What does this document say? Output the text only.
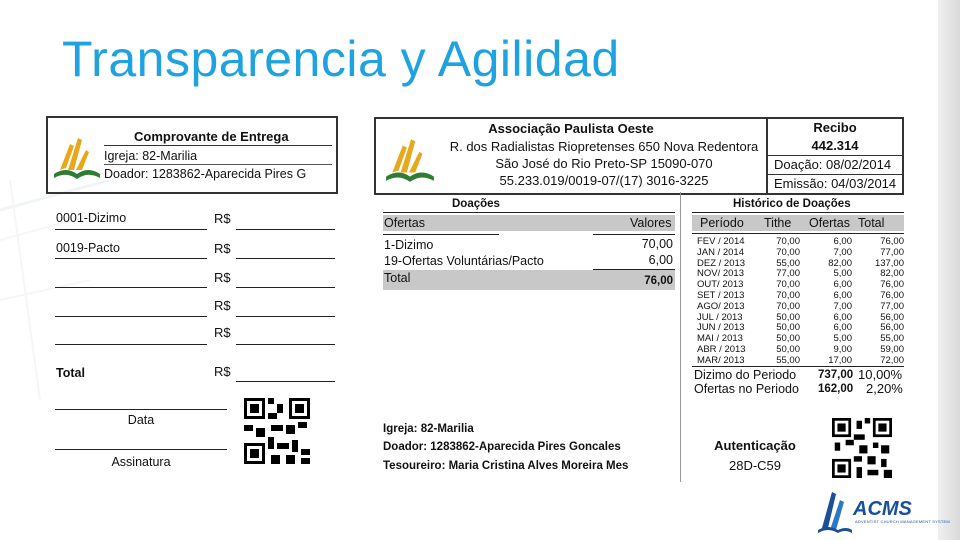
Transparencia y Agilidad
Comprovante de Entrega
Igreja: 82-Marilia
Doador: 1283862-Aparecida Pires G
0001-Dizimo	R$
0019-Pacto	R$
R$
R$
R$
Total	R$
Data
Assinatura
Associação Paulista Oeste
R. dos Radialistas Riopretenses 650 Nova Redentora
São José do Rio Preto-SP 15090-070
55.233.019/0019-07/(17) 3016-3225
Recibo
442.314
Doação: 08/02/2014
Emissão: 04/03/2014
Doações
Ofertas	Valores
1-Dizimo	70,00
19-Ofertas Voluntárias/Pacto	6,00
Total	76,00
Histórico de Doações
Período Tithe Ofertas Total
FEV / 2014	70,00	6,00	76,00
JAN / 2014	70,00	7,00	77,00
DEZ / 2013	55,00	82,00	137,00
NOV/ 2013	77,00	5,00	82,00
OUT/ 2013	70,00	6,00	76,00
SET / 2013	70,00	6,00	76,00
AGO/ 2013	70,00	7,00	77,00
JUL / 2013	50,00	6,00	56,00
JUN / 2013	50,00	6,00	56,00
MAI / 2013	50,00	5,00	55,00
ABR / 2013	50,00	9,00	59,00
MAR/ 2013	55,00	17,00	72,00
Dizimo do Periodo 737,00 10,00%
Ofertas no Periodo 162,00 2,20%
Igreja: 82-Marilia
Doador: 1283862-Aparecida Pires Goncales
Tesoureiro: Maria Cristina Alves Moreira Mes
Autenticação
28D-C59
ACMS
ADVENTIST CHURCH MANAGEMENT SYSTEM
